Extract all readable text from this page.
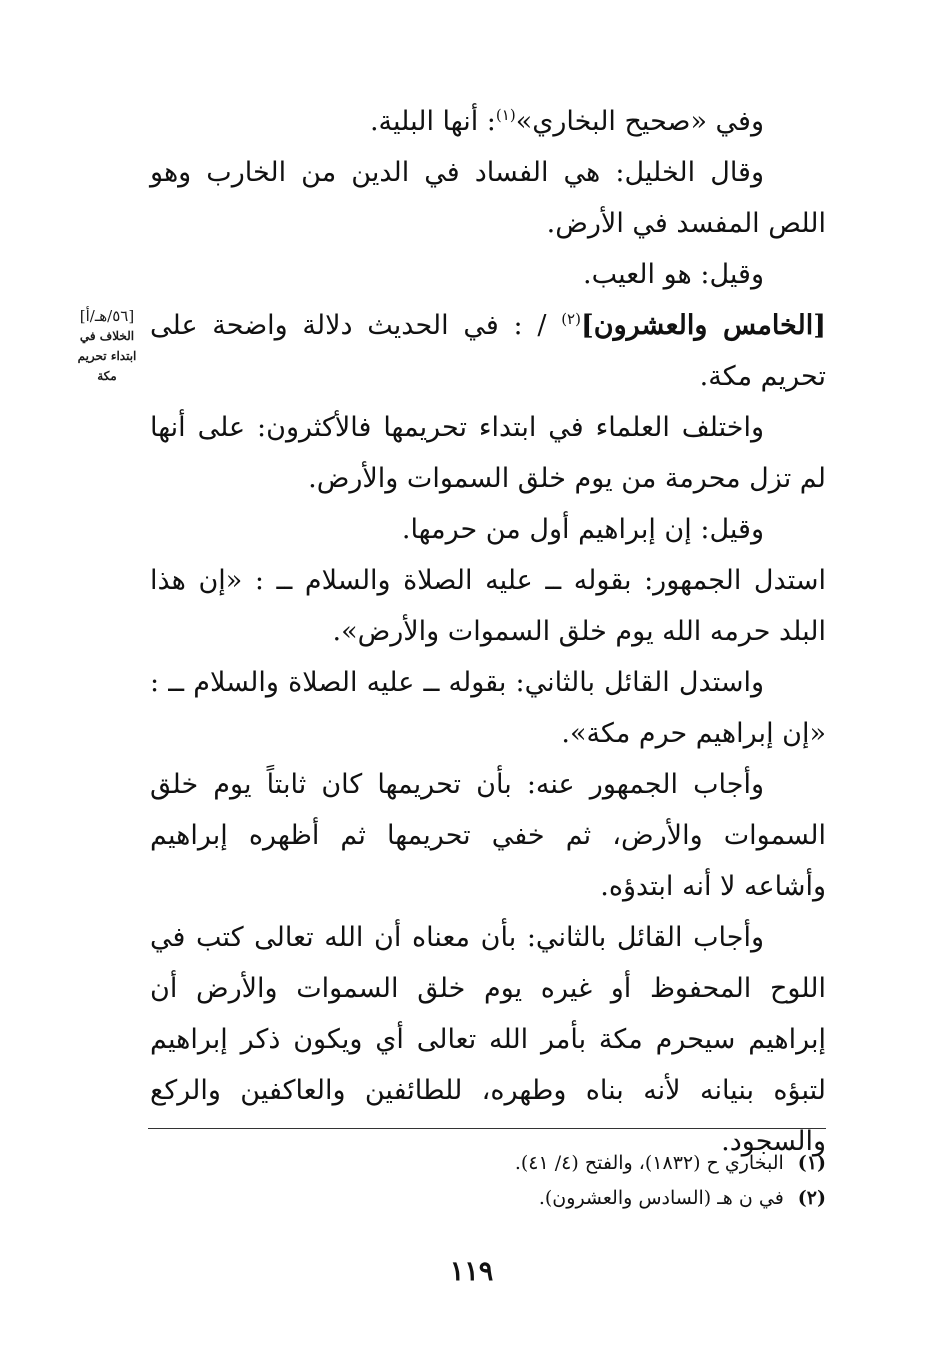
وفي «صحيح البخاري»$^{(١)}$: أنها البلية.

وقال الخليل: هي الفساد في الدين من الخارب وهو اللص المفسد في الأرض.

وقيل: هو العيب.

[الخامس والعشرون]$^{(٢)}$ / : في الحديث دلالة واضحة على تحريم مكة.

واختلف العلماء في ابتداء تحريمها فالأكثرون: على أنها لم تزل محرمة من يوم خلق السموات والأرض.

وقيل: إن إبراهيم أول من حرمها.

استدل الجمهور: بقوله ــ عليه الصلاة والسلام ــ : «إن هذا البلد حرمه الله يوم خلق السموات والأرض».

واستدل القائل بالثاني: بقوله ــ عليه الصلاة والسلام ــ : «إن إبراهيم حرم مكة».

وأجاب الجمهور عنه: بأن تحريمها كان ثابتاً يوم خلق السموات والأرض، ثم خفي تحريمها ثم أظهره إبراهيم وأشاعه لا أنه ابتدؤه.

وأجاب القائل بالثاني: بأن معناه أن الله تعالى كتب في اللوح المحفوظ أو غيره يوم خلق السموات والأرض أن إبراهيم سيحرم مكة بأمر الله تعالى أي ويكون ذكر إبراهيم لتبؤه بنيانه لأنه بناه وطهره، للطائفين والعاكفين والركع والسجود.

[٥٦/هـ/أ]
الخلاف في
ابتداء تحريم
مكة

(١)البخاري ح (١٨٣٢)، والفتح (٤/ ٤١).

(٢)في ن هـ (السادس والعشرون).

١١٩
